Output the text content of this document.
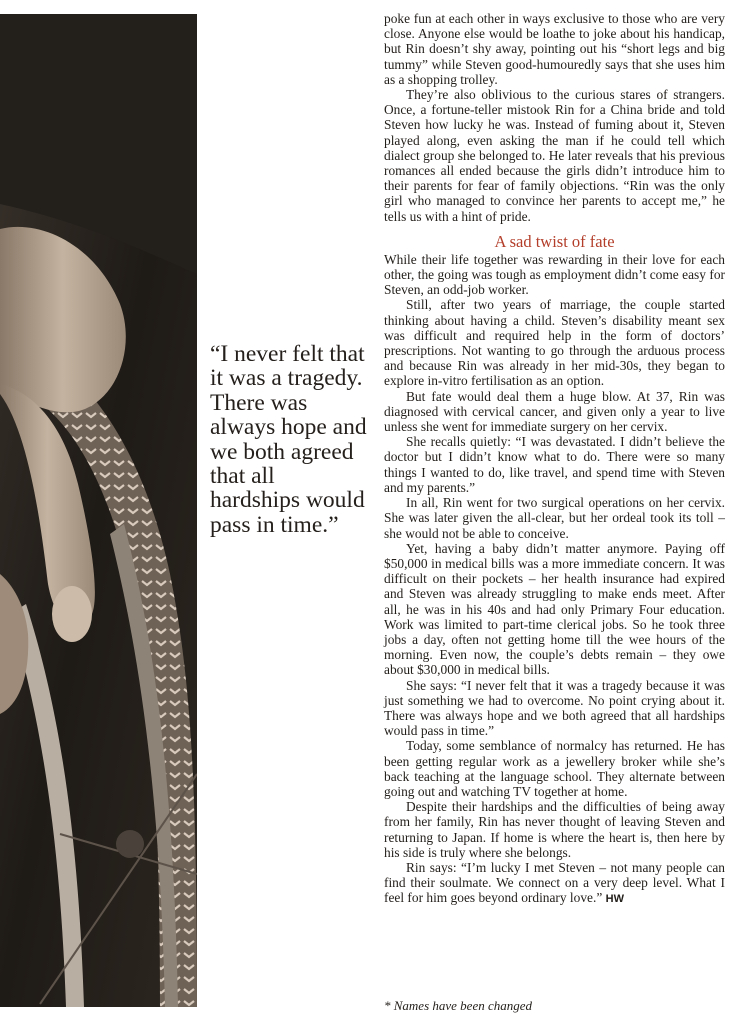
“I never felt that it was a tragedy. There was always hope and we both agreed that all hardships would pass in time.”

poke fun at each other in ways exclusive to those who are very close. Anyone else would be loathe to joke about his handicap, but Rin doesn’t shy away, pointing out his “short legs and big tummy” while Steven good-humouredly says that she uses him as a shopping trolley.

They’re also oblivious to the curious stares of strangers. Once, a fortune-teller mistook Rin for a China bride and told Steven how lucky he was. Instead of fuming about it, Steven played along, even asking the man if he could tell which dialect group she belonged to. He later reveals that his previous romances all ended because the girls didn’t introduce him to their parents for fear of family objections. “Rin was the only girl who managed to convince her parents to accept me,” he tells us with a hint of pride.

A sad twist of fate

While their life together was rewarding in their love for each other, the going was tough as employment didn’t come easy for Steven, an odd-job worker.

Still, after two years of marriage, the couple started thinking about having a child. Steven’s disability meant sex was difficult and required help in the form of doctors’ prescriptions. Not wanting to go through the arduous process and because Rin was already in her mid-30s, they began to explore in-vitro fertilisation as an option.

But fate would deal them a huge blow. At 37, Rin was diagnosed with cervical cancer, and given only a year to live unless she went for immediate surgery on her cervix.

She recalls quietly: “I was devastated. I didn’t believe the doctor but I didn’t know what to do. There were so many things I wanted to do, like travel, and spend time with Steven and my parents.”

In all, Rin went for two surgical operations on her cervix. She was later given the all-clear, but her ordeal took its toll – she would not be able to conceive.

Yet, having a baby didn’t matter anymore. Paying off $50,000 in medical bills was a more immediate concern. It was difficult on their pockets – her health insurance had expired and Steven was already struggling to make ends meet. After all, he was in his 40s and had only Primary Four education. Work was limited to part-time clerical jobs. So he took three jobs a day, often not getting home till the wee hours of the morning. Even now, the couple’s debts remain – they owe about $30,000 in medical bills.

She says: “I never felt that it was a tragedy because it was just something we had to overcome. No point crying about it. There was always hope and we both agreed that all hardships would pass in time.”

Today, some semblance of normalcy has returned. He has been getting regular work as a jewellery broker while she’s back teaching at the language school. They alternate between going out and watching TV together at home.

Despite their hardships and the difficulties of being away from her family, Rin has never thought of leaving Steven and returning to Japan. If home is where the heart is, then here by his side is truly where she belongs.

Rin says: “I’m lucky I met Steven – not many people can find their soulmate. We connect on a very deep level. What I feel for him goes beyond ordinary love.” HW

* Names have been changed
